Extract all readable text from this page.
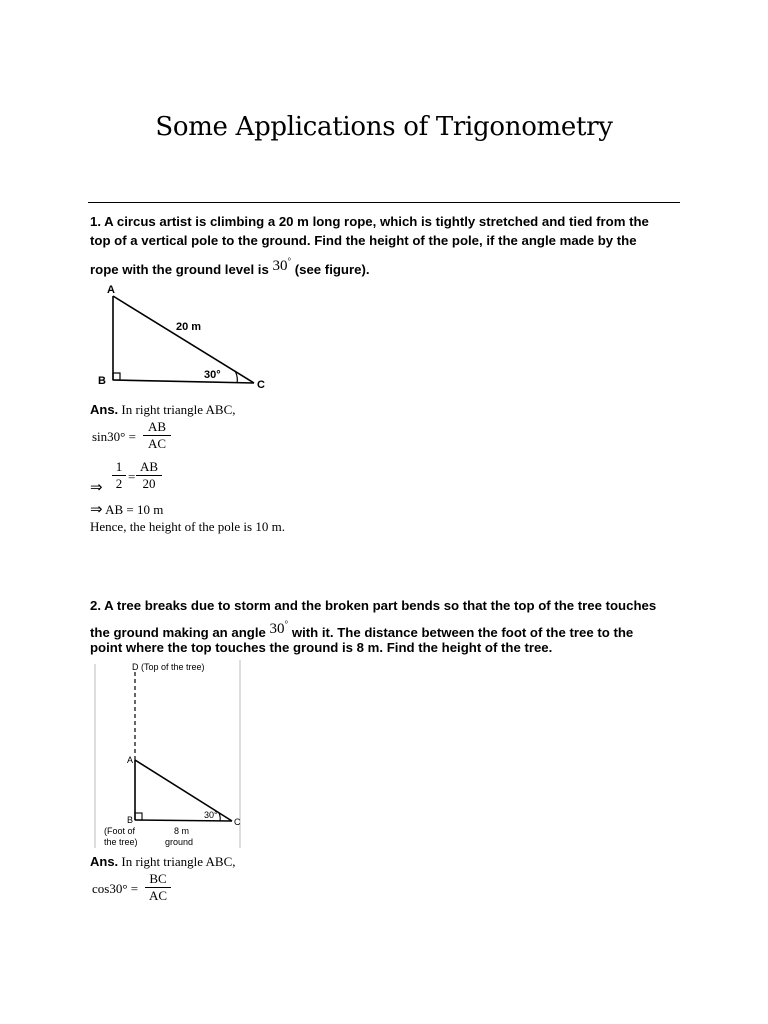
Some Applications of Trigonometry
1. A circus artist is climbing a 20 m long rope, which is tightly stretched and tied from the
top of a vertical pole to the ground. Find the height of the pole, if the angle made by the
rope with the ground level is 30° (see figure).
A
B	C
20 m
30°
Ans. In right triangle ABC,
$\sin 30^\circ = \frac{AB}{AC}$
⇒ $\frac{1}{2} = \frac{AB}{20}$
⇒ AB = 10 m
Hence, the height of the pole is 10 m.
2. A tree breaks due to storm and the broken part bends so that the top of the tree touches
the ground making an angle 30° with it. The distance between the foot of the tree to the
point where the top touches the ground is 8 m. Find the height of the tree.
D (Top of the tree)
A
B	C
30°
(Foot of
the tree)
8 m
ground
Ans. In right triangle ABC,
$\cos 30^\circ = \frac{BC}{AC}$
